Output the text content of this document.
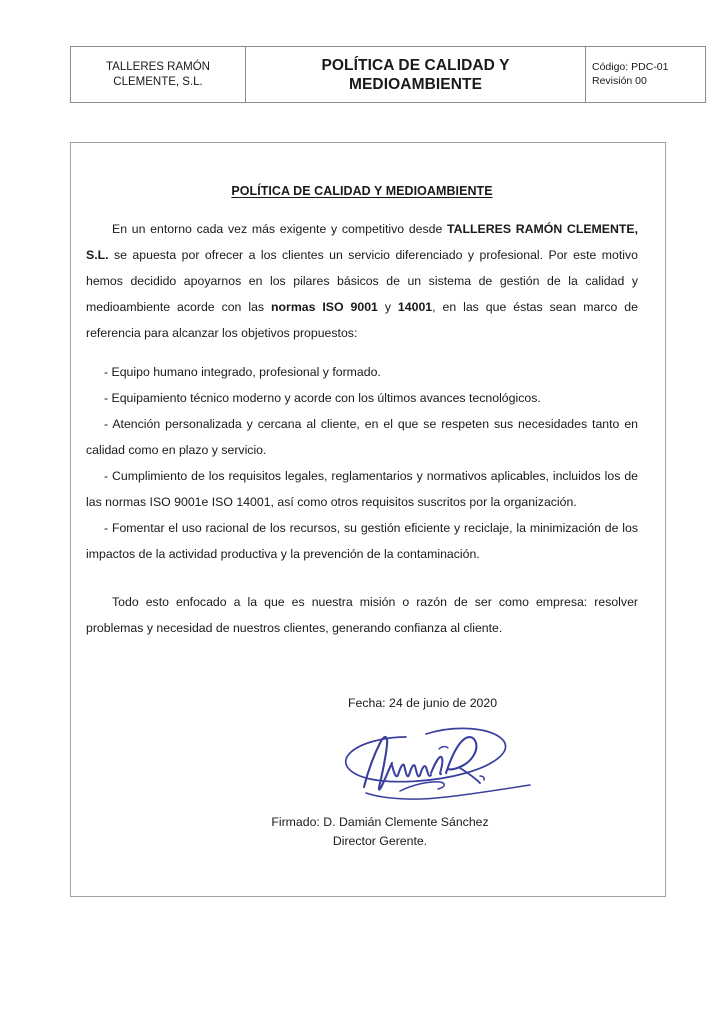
TALLERES RAMÓN
CLEMENTE, S.L.

POLÍTICA DE CALIDAD Y
MEDIOAMBIENTE

Código: PDC-01
Revisión 00
POLÍTICA DE CALIDAD Y MEDIOAMBIENTE

En un entorno cada vez más exigente y competitivo desde TALLERES RAMÓN CLEMENTE, S.L. se apuesta por ofrecer a los clientes un servicio diferenciado y profesional. Por este motivo hemos decidido apoyarnos en los pilares básicos de un sistema de gestión de la calidad y medioambiente acorde con las normas ISO 9001 y 14001, en las que éstas sean marco de referencia para alcanzar los objetivos propuestos:

- Equipo humano integrado, profesional y formado.

- Equipamiento técnico moderno y acorde con los últimos avances tecnológicos.

- Atención personalizada y cercana al cliente, en el que se respeten sus necesidades tanto en calidad como en plazo y servicio.

- Cumplimiento de los requisitos legales, reglamentarios y normativos aplicables, incluidos los de las normas ISO 9001e ISO 14001, así como otros requisitos suscritos por la organización.

- Fomentar el uso racional de los recursos, su gestión eficiente y reciclaje, la minimización de los impactos de la actividad productiva y la prevención de la contaminación.

Todo esto enfocado a la que es nuestra misión o razón de ser como empresa: resolver problemas y necesidad de nuestros clientes, generando confianza al cliente.

Fecha: 24 de junio de 2020

Firmado: D. Damián Clemente Sánchez
Director Gerente.
